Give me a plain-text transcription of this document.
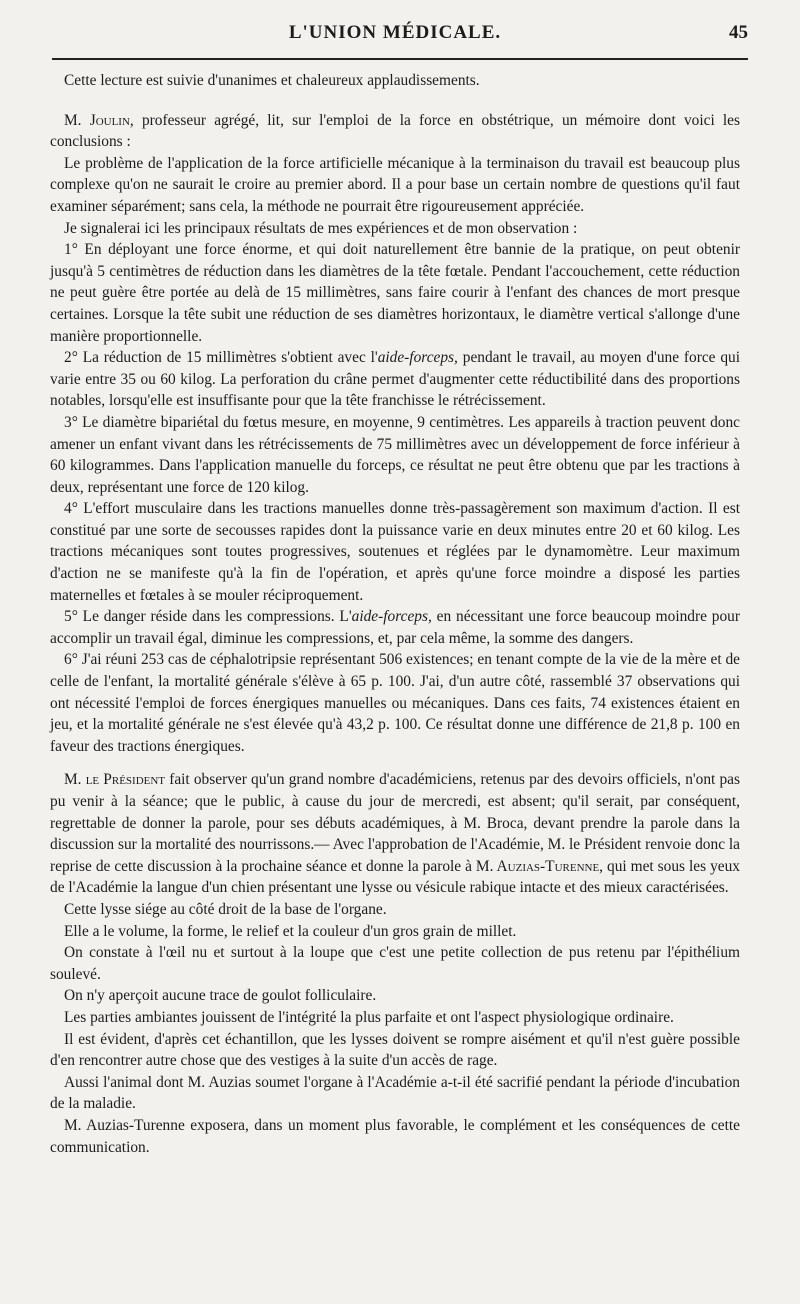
L'UNION MÉDICALE.	45

Cette lecture est suivie d'unanimes et chaleureux applaudissements.

M. Joulin, professeur agrégé, lit, sur l'emploi de la force en obstétrique, un mémoire dont voici les conclusions :

Le problème de l'application de la force artificielle mécanique à la terminaison du travail est beaucoup plus complexe qu'on ne saurait le croire au premier abord. Il a pour base un certain nombre de questions qu'il faut examiner séparément; sans cela, la méthode ne pourrait être rigoureusement appréciée.

Je signalerai ici les principaux résultats de mes expériences et de mon observation :

1° En déployant une force énorme, et qui doit naturellement être bannie de la pratique, on peut obtenir jusqu'à 5 centimètres de réduction dans les diamètres de la tête fœtale. Pendant l'accouchement, cette réduction ne peut guère être portée au delà de 15 millimètres, sans faire courir à l'enfant des chances de mort presque certaines. Lorsque la tête subit une réduction de ses diamètres horizontaux, le diamètre vertical s'allonge d'une manière proportionnelle.

2° La réduction de 15 millimètres s'obtient avec l'aide-forceps, pendant le travail, au moyen d'une force qui varie entre 35 ou 60 kilog. La perforation du crâne permet d'augmenter cette réductibilité dans des proportions notables, lorsqu'elle est insuffisante pour que la tête franchisse le rétrécissement.

3° Le diamètre bipariétal du fœtus mesure, en moyenne, 9 centimètres. Les appareils à traction peuvent donc amener un enfant vivant dans les rétrécissements de 75 millimètres avec un développement de force inférieur à 60 kilogrammes. Dans l'application manuelle du forceps, ce résultat ne peut être obtenu que par les tractions à deux, représentant une force de 120 kilog.

4° L'effort musculaire dans les tractions manuelles donne très-passagèrement son maximum d'action. Il est constitué par une sorte de secousses rapides dont la puissance varie en deux minutes entre 20 et 60 kilog. Les tractions mécaniques sont toutes progressives, soutenues et réglées par le dynamomètre. Leur maximum d'action ne se manifeste qu'à la fin de l'opération, et après qu'une force moindre a disposé les parties maternelles et fœtales à se mouler réciproquement.

5° Le danger réside dans les compressions. L'aide-forceps, en nécessitant une force beaucoup moindre pour accomplir un travail égal, diminue les compressions, et, par cela même, la somme des dangers.

6° J'ai réuni 253 cas de céphalotripsie représentant 506 existences; en tenant compte de la vie de la mère et de celle de l'enfant, la mortalité générale s'élève à 65 p. 100. J'ai, d'un autre côté, rassemblé 37 observations qui ont nécessité l'emploi de forces énergiques manuelles ou mécaniques. Dans ces faits, 74 existences étaient en jeu, et la mortalité générale ne s'est élevée qu'à 43,2 p. 100. Ce résultat donne une différence de 21,8 p. 100 en faveur des tractions énergiques.

M. le Président fait observer qu'un grand nombre d'académiciens, retenus par des devoirs officiels, n'ont pas pu venir à la séance; que le public, à cause du jour de mercredi, est absent; qu'il serait, par conséquent, regrettable de donner la parole, pour ses débuts académiques, à M. Broca, devant prendre la parole dans la discussion sur la mortalité des nourrissons.— Avec l'approbation de l'Académie, M. le Président renvoie donc la reprise de cette discussion à la prochaine séance et donne la parole à M. Auzias-Turenne, qui met sous les yeux de l'Académie la langue d'un chien présentant une lysse ou vésicule rabique intacte et des mieux caractérisées.

Cette lysse siége au côté droit de la base de l'organe.

Elle a le volume, la forme, le relief et la couleur d'un gros grain de millet.

On constate à l'œil nu et surtout à la loupe que c'est une petite collection de pus retenu par l'épithélium soulevé.

On n'y aperçoit aucune trace de goulot folliculaire.

Les parties ambiantes jouissent de l'intégrité la plus parfaite et ont l'aspect physiologique ordinaire.

Il est évident, d'après cet échantillon, que les lysses doivent se rompre aisément et qu'il n'est guère possible d'en rencontrer autre chose que des vestiges à la suite d'un accès de rage.

Aussi l'animal dont M. Auzias soumet l'organe à l'Académie a-t-il été sacrifié pendant la période d'incubation de la maladie.

M. Auzias-Turenne exposera, dans un moment plus favorable, le complément et les conséquences de cette communication.
